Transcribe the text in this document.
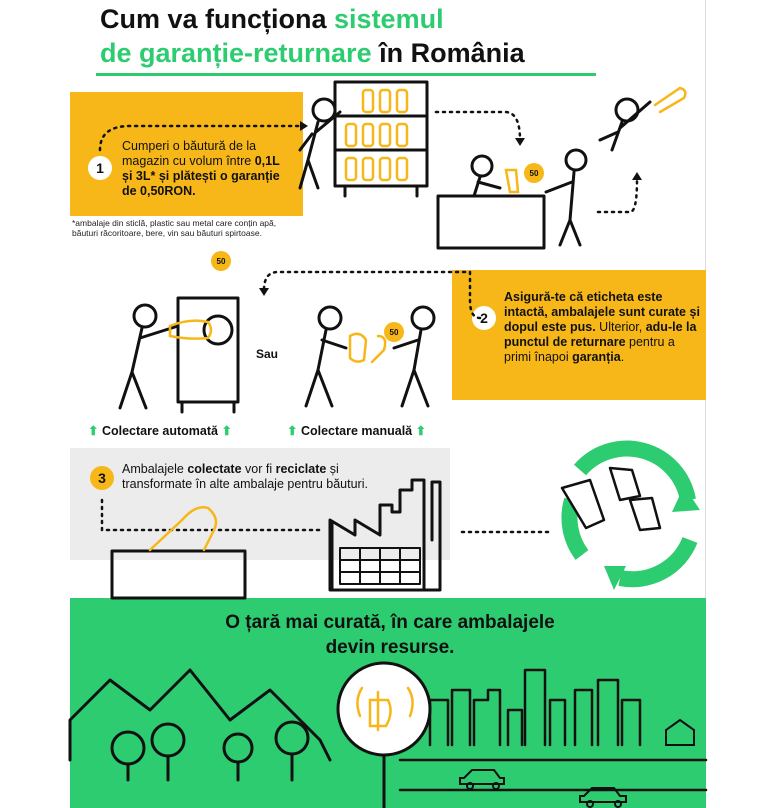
Cum va funcționa sistemul
de garanție-returnare în România
1
Cumperi o băutură de la magazin cu volum între 0,1L și 3L* și plătești o garanție de 0,50RON.
*ambalaje din sticlă, plastic sau metal care conțin apă, băuturi răcoritoare, bere, vin sau băuturi spirtoase.
2
Asigură-te că eticheta este intactă, ambalajele sunt curate și dopul este pus. Ulterior, adu-le la punctul de returnare pentru a primi înapoi garanția.
Sau
⬆ Colectare automată ⬆	⬆ Colectare manuală ⬆
3
Ambalajele colectate vor fi reciclate și transformate în alte ambalaje pentru băuturi.
O țară mai curată, în care ambalajele devin resurse.
50
50
50
